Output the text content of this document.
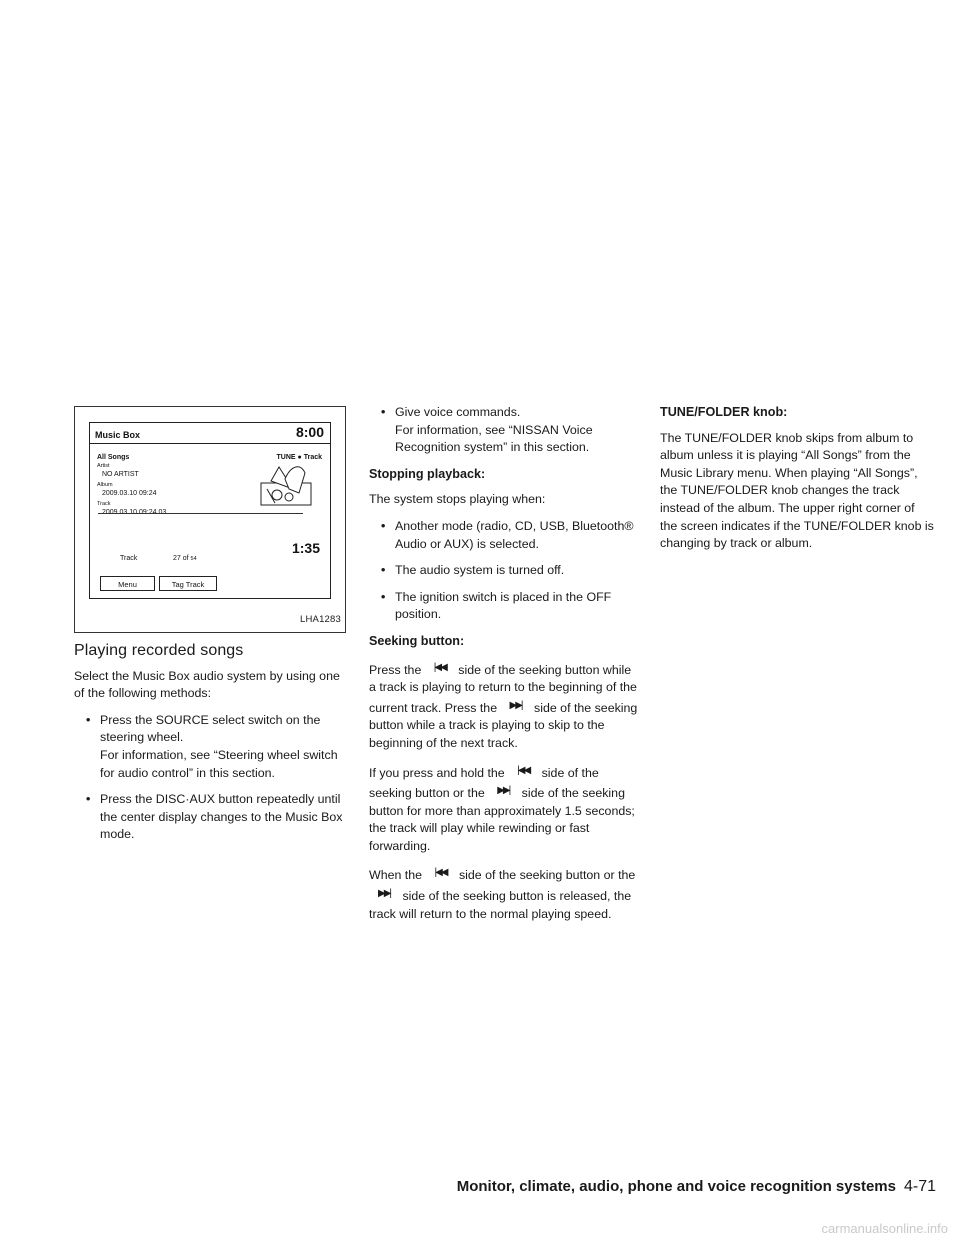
Music Box	8:00
All Songs	TUNE ● Track
Artist
NO ARTIST
Album
2009.03.10 09:24
Track
2009.03.10 09:24 03
1:35
Track	27 of 54
Menu	Tag Track
LHA1283
Playing recorded songs

Select the Music Box audio system by using one of the following methods:

• Press the SOURCE select switch on the steering wheel.
For information, see “Steering wheel switch for audio control” in this section.
• Press the DISC·AUX button repeatedly until the center display changes to the Music Box mode.
• Give voice commands.
For information, see “NISSAN Voice Recognition system” in this section.
Stopping playback:

The system stops playing when:

• Another mode (radio, CD, USB, Bluetooth® Audio or AUX) is selected.
• The audio system is turned off.
• The ignition switch is placed in the OFF position.
Seeking button:

Press the |◀◀ side of the seeking button while a track is playing to return to the beginning of the current track. Press the ▶▶| side of the seeking button while a track is playing to skip to the beginning of the next track.

If you press and hold the |◀◀ side of the seeking button or the ▶▶| side of the seeking button for more than approximately 1.5 seconds; the track will play while rewinding or fast forwarding.

When the |◀◀ side of the seeking button or the ▶▶| side of the seeking button is released, the track will return to the normal playing speed.

TUNE/FOLDER knob:

The TUNE/FOLDER knob skips from album to album unless it is playing “All Songs” from the Music Library menu. When playing “All Songs”, the TUNE/FOLDER knob changes the track instead of the album. The upper right corner of the screen indicates if the TUNE/FOLDER knob is changing by track or album.

Monitor, climate, audio, phone and voice recognition systems 4-71
carmanualsonline.info
